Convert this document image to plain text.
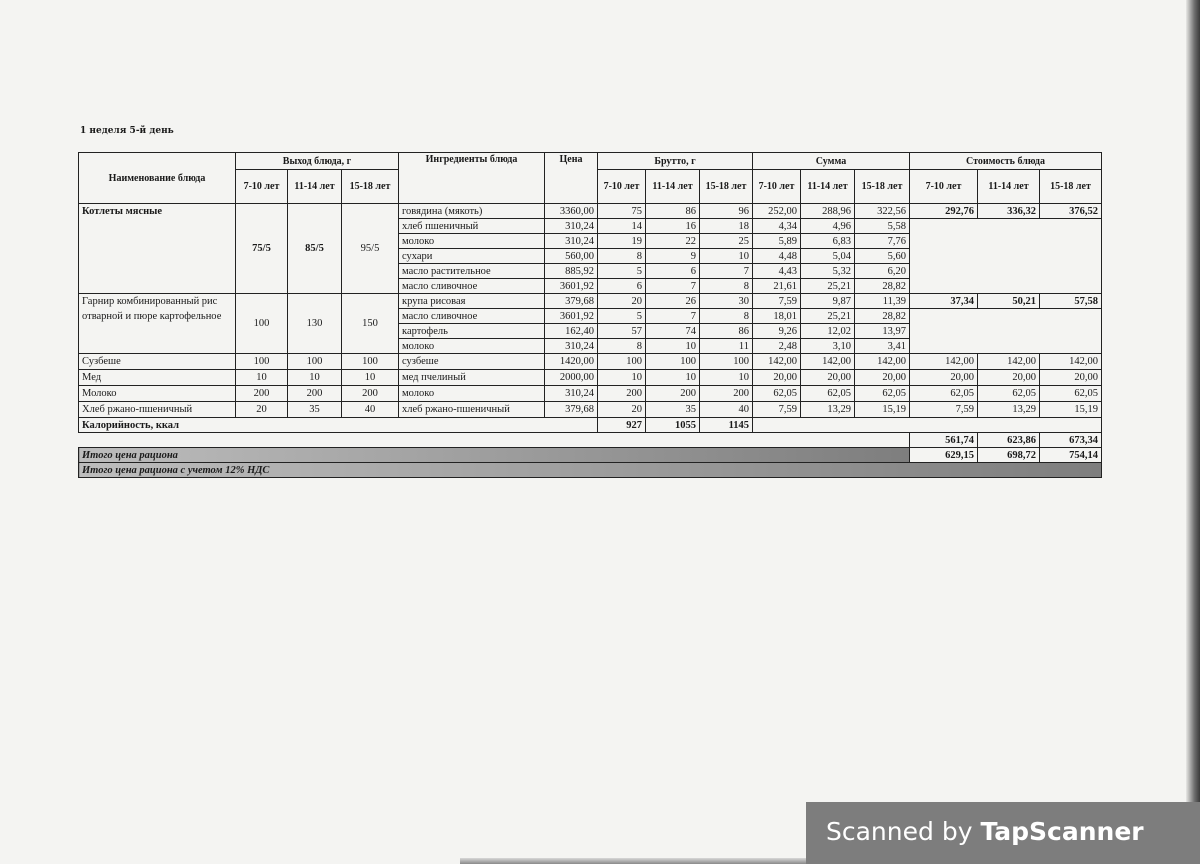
1 неделя 5-й день
Наименование блюда	Выход блюда, г			Ингредиенты блюда	Цена	Брутто, г			Сумма			Стоимость блюда		
	7-10 лет	11-14 лет	15-18 лет			7-10 лет	11-14 лет	15-18 лет	7-10 лет	11-14 лет	15-18 лет	7-10 лет	11-14 лет	15-18 лет
Котлеты мясные	75/5	85/5	95/5	говядина (мякоть)	3360,00	75	86	96	252,00	288,96	322,56	292,76	336,32	376,52
				хлеб пшеничный	310,24	14	16	18	4,34	4,96	5,58			
				молоко	310,24	19	22	25	5,89	6,83	7,76			
				сухари	560,00	8	9	10	4,48	5,04	5,60			
				масло растительное	885,92	5	6	7	4,43	5,32	6,20			
				масло сливочное	3601,92	6	7	8	21,61	25,21	28,82			
Гарнир комбинированный рис отварной и пюре картофельное	100	130	150	крупа рисовая	379,68	20	26	30	7,59	9,87	11,39	37,34	50,21	57,58
				масло сливочное	3601,92	5	7	8	18,01	25,21	28,82			
				картофель	162,40	57	74	86	9,26	12,02	13,97			
				молоко	310,24	8	10	11	2,48	3,10	3,41			
Сузбеше	100	100	100	сузбеше	1420,00	100	100	100	142,00	142,00	142,00	142,00	142,00	142,00
Мед	10	10	10	мед пчелиный	2000,00	10	10	10	20,00	20,00	20,00	20,00	20,00	20,00
Молоко	200	200	200	молоко	310,24	200	200	200	62,05	62,05	62,05	62,05	62,05	62,05
Хлеб ржано-пшеничный	20	35	40	хлеб ржано-пшеничный	379,68	20	35	40	7,59	13,29	15,19	7,59	13,29	15,19
Калорийность, ккал						927	1055	1145						
												561,74	623,86	673,34
Итого цена рациона												629,15	698,72	754,14
Итого цена рациона с учетом 12% НДС														
Scanned by TapScanner
